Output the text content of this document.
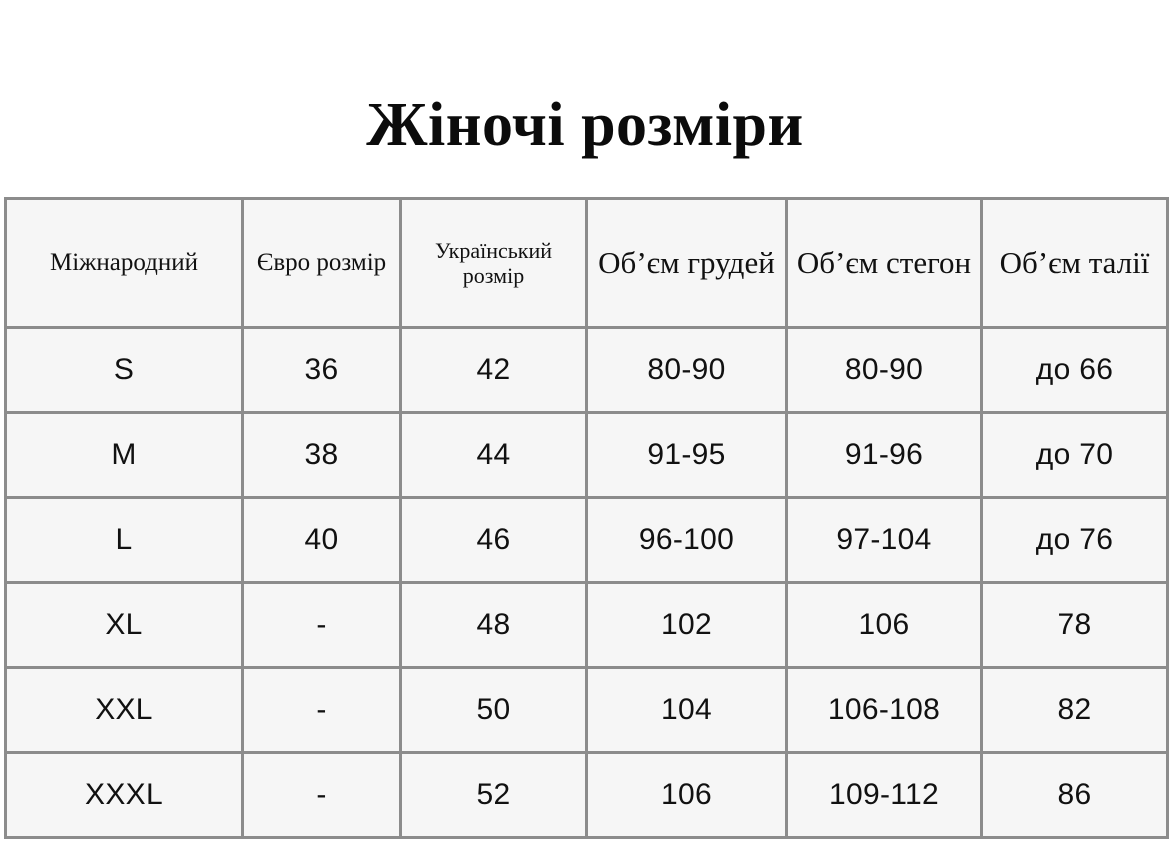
Жіночі розміри
Міжнародний	Євро розмір	Український розмір	Об’єм грудей	Об’єм стегон	Об’єм талії
S	36	42	80-90	80-90	до 66
M	38	44	91-95	91-96	до 70
L	40	46	96-100	97-104	до 76
XL	-	48	102	106	78
XXL	-	50	104	106-108	82
XXXL	-	52	106	109-112	86
